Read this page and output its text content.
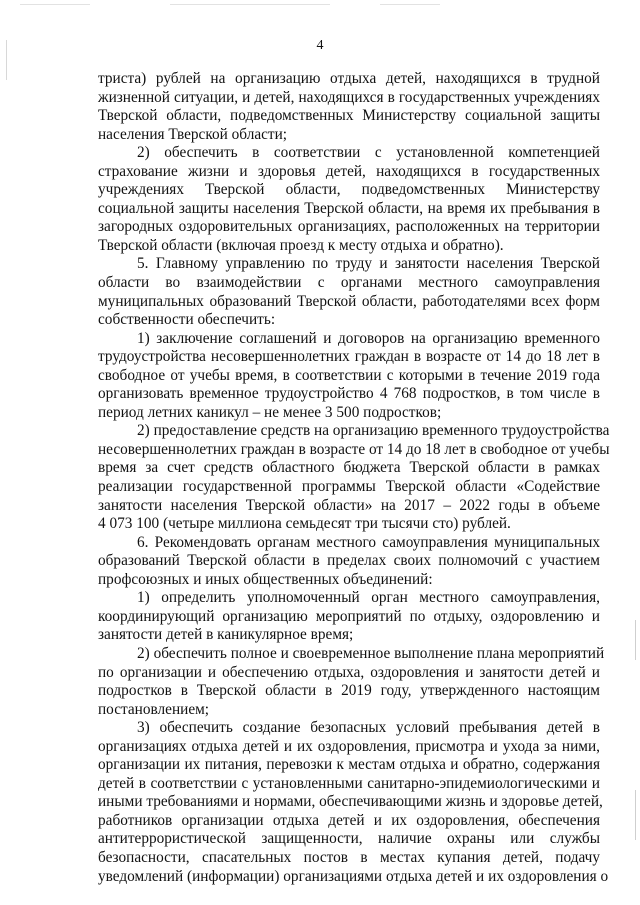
4
триста) рублей на организацию отдыха детей, находящихся в трудной
жизненной ситуации, и детей, находящихся в государственных учреждениях
Тверской области, подведомственных Министерству социальной защиты
населения Тверской области;
2) обеспечить в соответствии с установленной компетенцией
страхование жизни и здоровья детей, находящихся в государственных
учреждениях Тверской области, подведомственных Министерству
социальной защиты населения Тверской области, на время их пребывания в
загородных оздоровительных организациях, расположенных на территории
Тверской области (включая проезд к месту отдыха и обратно).
5. Главному управлению по труду и занятости населения Тверской
области во взаимодействии с органами местного самоуправления
муниципальных образований Тверской области, работодателями всех форм
собственности обеспечить:
1) заключение соглашений и договоров на организацию временного
трудоустройства несовершеннолетних граждан в возрасте от 14 до 18 лет в
свободное от учебы время, в соответствии с которыми в течение 2019 года
организовать временное трудоустройство 4 768 подростков, в том числе в
период летних каникул – не менее 3 500 подростков;
2) предоставление средств на организацию временного трудоустройства
несовершеннолетних граждан в возрасте от 14 до 18 лет в свободное от учебы
время за счет средств областного бюджета Тверской области в рамках
реализации государственной программы Тверской области «Содействие
занятости населения Тверской области» на 2017 – 2022 годы в объеме
4 073 100 (четыре миллиона семьдесят три тысячи сто) рублей.
6. Рекомендовать органам местного самоуправления муниципальных
образований Тверской области в пределах своих полномочий с участием
профсоюзных и иных общественных объединений:
1) определить уполномоченный орган местного самоуправления,
координирующий организацию мероприятий по отдыху, оздоровлению и
занятости детей в каникулярное время;
2) обеспечить полное и своевременное выполнение плана мероприятий
по организации и обеспечению отдыха, оздоровления и занятости детей и
подростков в Тверской области в 2019 году, утвержденного настоящим
постановлением;
3) обеспечить создание безопасных условий пребывания детей в
организациях отдыха детей и их оздоровления, присмотра и ухода за ними,
организации их питания, перевозки к местам отдыха и обратно, содержания
детей в соответствии с установленными санитарно-эпидемиологическими и
иными требованиями и нормами, обеспечивающими жизнь и здоровье детей,
работников организации отдыха детей и их оздоровления, обеспечения
антитеррористической защищенности, наличие охраны или службы
безопасности, спасательных постов в местах купания детей, подачу
уведомлений (информации) организациями отдыха детей и их оздоровления о
